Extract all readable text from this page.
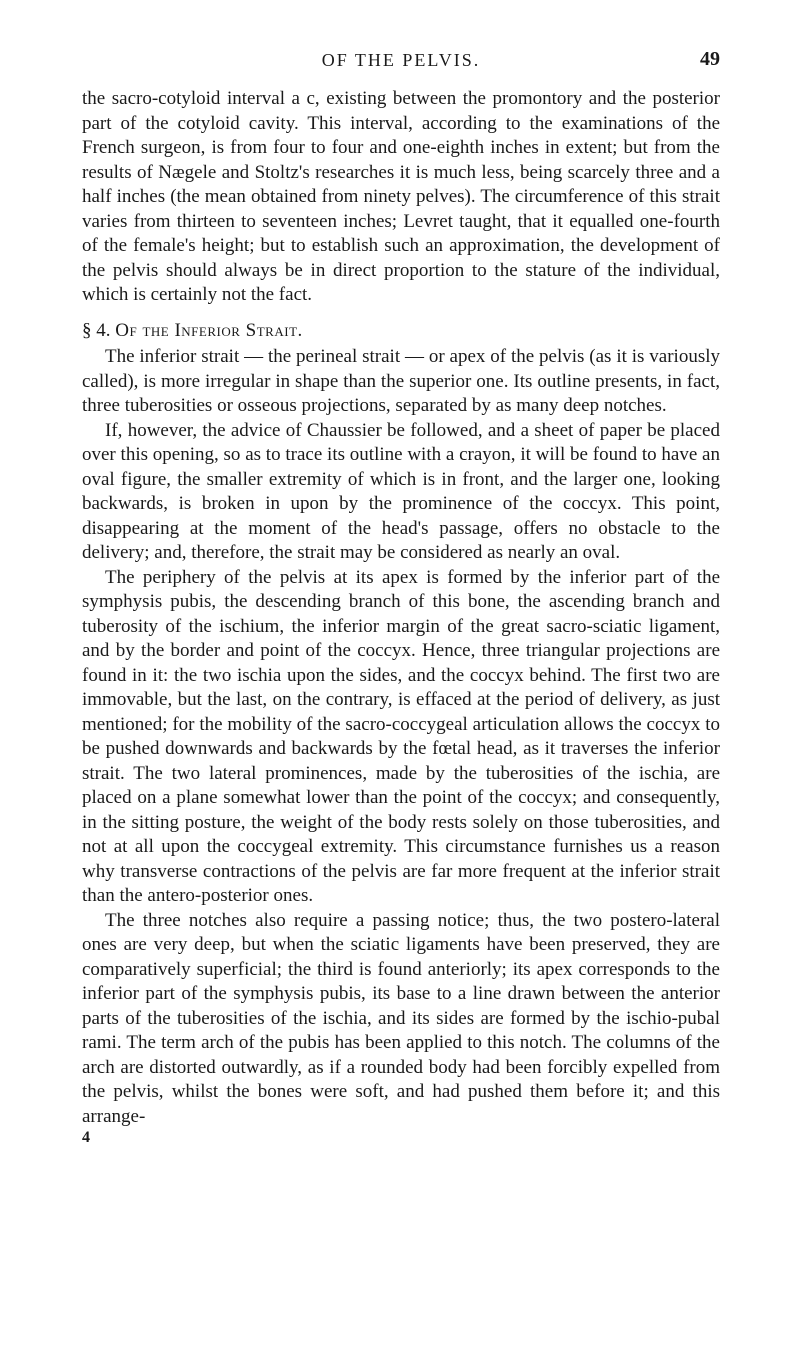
OF THE PELVIS.	49

the sacro-cotyloid interval a c, existing between the promontory and the posterior part of the cotyloid cavity. This interval, according to the examinations of the French surgeon, is from four to four and one-eighth inches in extent; but from the results of Nægele and Stoltz's researches it is much less, being scarcely three and a half inches (the mean obtained from ninety pelves). The circumference of this strait varies from thirteen to seventeen inches; Levret taught, that it equalled one-fourth of the female's height; but to establish such an approximation, the development of the pelvis should always be in direct proportion to the stature of the individual, which is certainly not the fact.

§ 4. Of the Inferior Strait.

The inferior strait — the perineal strait — or apex of the pelvis (as it is variously called), is more irregular in shape than the superior one. Its outline presents, in fact, three tuberosities or osseous projections, separated by as many deep notches.

If, however, the advice of Chaussier be followed, and a sheet of paper be placed over this opening, so as to trace its outline with a crayon, it will be found to have an oval figure, the smaller extremity of which is in front, and the larger one, looking backwards, is broken in upon by the prominence of the coccyx. This point, disappearing at the moment of the head's passage, offers no obstacle to the delivery; and, therefore, the strait may be considered as nearly an oval.

The periphery of the pelvis at its apex is formed by the inferior part of the symphysis pubis, the descending branch of this bone, the ascending branch and tuberosity of the ischium, the inferior margin of the great sacro-sciatic ligament, and by the border and point of the coccyx. Hence, three triangular projections are found in it: the two ischia upon the sides, and the coccyx behind. The first two are immovable, but the last, on the contrary, is effaced at the period of delivery, as just mentioned; for the mobility of the sacro-coccygeal articulation allows the coccyx to be pushed downwards and backwards by the fœtal head, as it traverses the inferior strait. The two lateral prominences, made by the tuberosities of the ischia, are placed on a plane somewhat lower than the point of the coccyx; and consequently, in the sitting posture, the weight of the body rests solely on those tuberosities, and not at all upon the coccygeal extremity. This circumstance furnishes us a reason why transverse contractions of the pelvis are far more frequent at the inferior strait than the antero-posterior ones.

The three notches also require a passing notice; thus, the two postero-lateral ones are very deep, but when the sciatic ligaments have been preserved, they are comparatively superficial; the third is found anteriorly; its apex corresponds to the inferior part of the symphysis pubis, its base to a line drawn between the anterior parts of the tuberosities of the ischia, and its sides are formed by the ischio-pubal rami. The term arch of the pubis has been applied to this notch. The columns of the arch are distorted outwardly, as if a rounded body had been forcibly expelled from the pelvis, whilst the bones were soft, and had pushed them before it; and this arrange-

4
